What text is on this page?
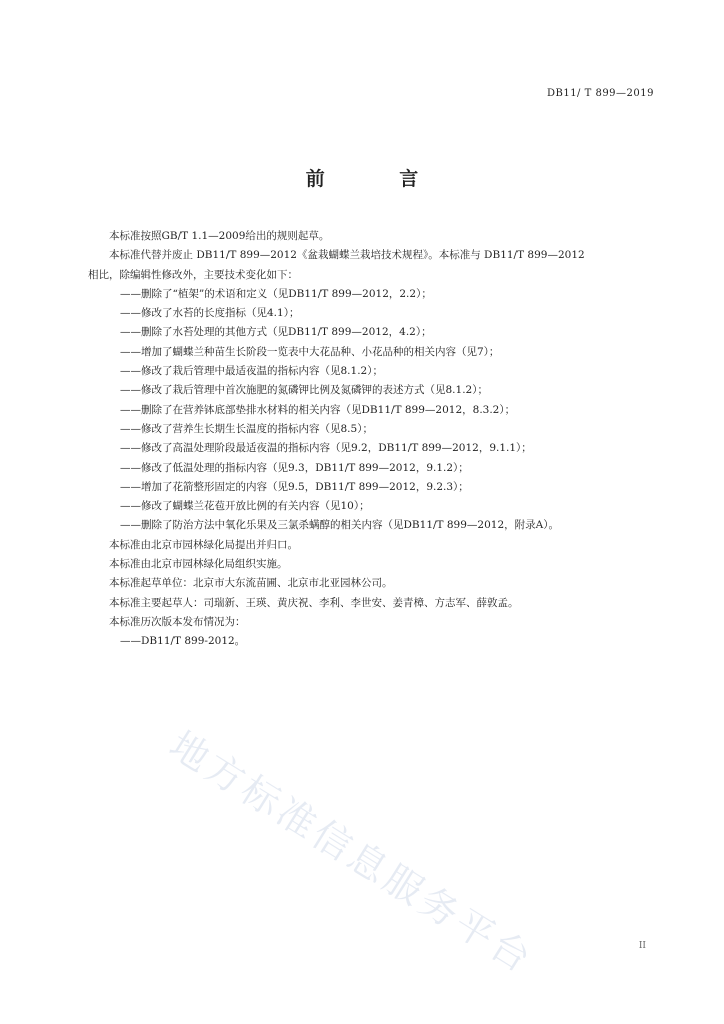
DB11/ T 899—2019
前 言
本标准按照GB/T 1.1—2009给出的规则起草。
本标准代替并废止 DB11/T 899—2012《盆栽蝴蝶兰栽培技术规程》。本标准与 DB11/T 899—2012
相比，除编辑性修改外，主要技术变化如下：
——删除了“植架”的术语和定义（见DB11/T 899—2012，2.2）；
——修改了水苔的长度指标（见4.1）；
——删除了水苔处理的其他方式（见DB11/T 899—2012，4.2）；
——增加了蝴蝶兰种苗生长阶段一览表中大花品种、小花品种的相关内容（见7）；
——修改了栽后管理中最适夜温的指标内容（见8.1.2）；
——修改了栽后管理中首次施肥的氮磷钾比例及氮磷钾的表述方式（见8.1.2）；
——删除了在营养钵底部垫排水材料的相关内容（见DB11/T 899—2012，8.3.2）；
——修改了营养生长期生长温度的指标内容（见8.5）；
——修改了高温处理阶段最适夜温的指标内容（见9.2，DB11/T 899—2012，9.1.1）；
——修改了低温处理的指标内容（见9.3，DB11/T 899—2012，9.1.2）；
——增加了花箭整形固定的内容（见9.5，DB11/T 899—2012，9.2.3）；
——修改了蝴蝶兰花苞开放比例的有关内容（见10）；
——删除了防治方法中氧化乐果及三氯杀螨醇的相关内容（见DB11/T 899—2012，附录A）。
本标准由北京市园林绿化局提出并归口。
本标准由北京市园林绿化局组织实施。
本标准起草单位：北京市大东流苗圃、北京市北亚园林公司。
本标准主要起草人：司瑞新、王瑛、黄庆祝、李利、李世安、姜青樟、方志军、薛敦孟。
本标准历次版本发布情况为：
——DB11/T 899-2012。
地方标准信息服务平台	II
